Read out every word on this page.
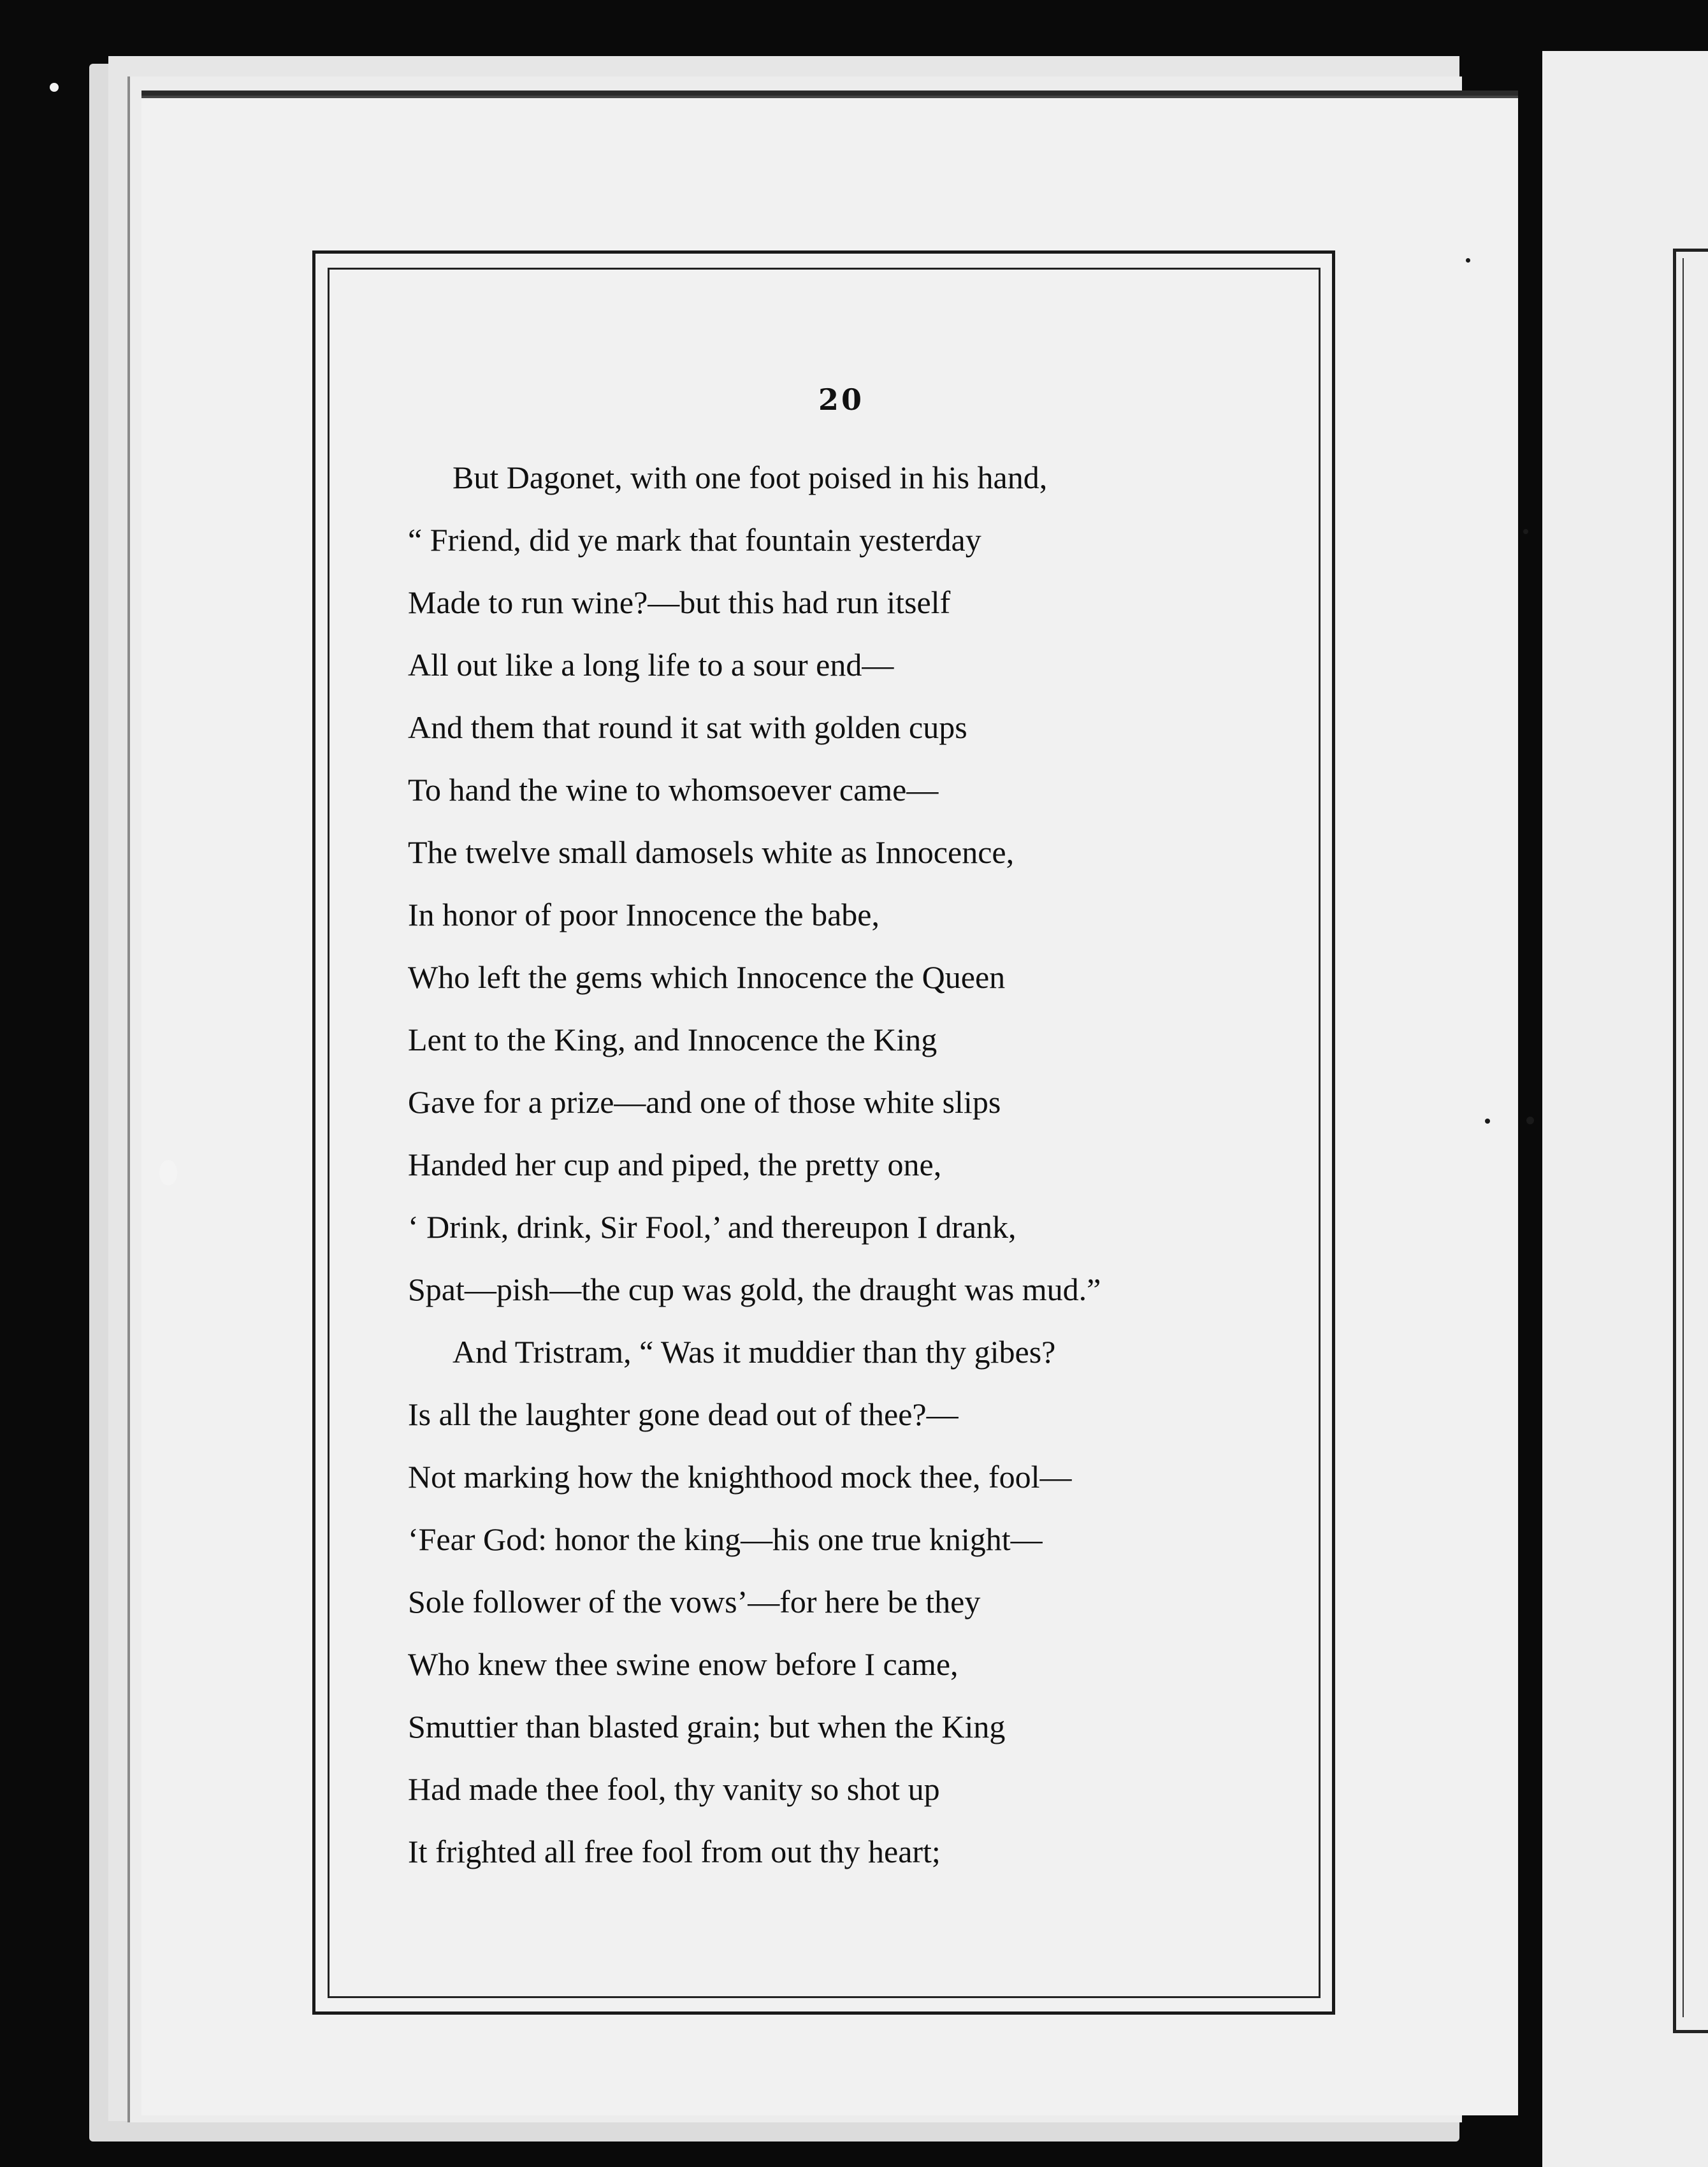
20
But Dagonet, with one foot poised in his hand,
“ Friend, did ye mark that fountain yesterday
Made to run wine?—but this had run itself
All out like a long life to a sour end—
And them that round it sat with golden cups
To hand the wine to whomsoever came—
The twelve small damosels white as Innocence,
In honor of poor Innocence the babe,
Who left the gems which Innocence the Queen
Lent to the King, and Innocence the King
Gave for a prize—and one of those white slips
Handed her cup and piped, the pretty one,
‘ Drink, drink, Sir Fool,’ and thereupon I drank,
Spat—pish—the cup was gold, the draught was mud.”
And Tristram, “ Was it muddier than thy gibes?
Is all the laughter gone dead out of thee?—
Not marking how the knighthood mock thee, fool—
‘Fear God: honor the king—his one true knight—
Sole follower of the vows’—for here be they
Who knew thee swine enow before I came,
Smuttier than blasted grain; but when the King
Had made thee fool, thy vanity so shot up
It frighted all free fool from out thy heart;
